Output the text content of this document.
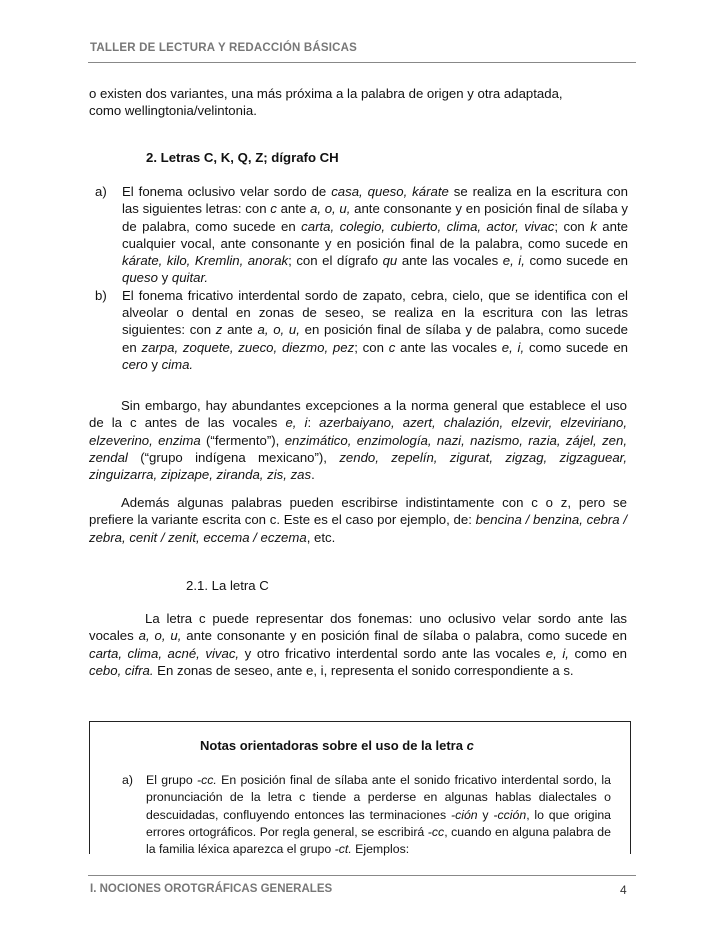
TALLER DE LECTURA Y REDACCIÓN BÁSICAS
o existen dos variantes, una más próxima a la palabra de origen y otra adaptada,
como wellingtonia/velintonia.
2. Letras C, K, Q, Z; dígrafo CH
a) El fonema oclusivo velar sordo de casa, queso, kárate se realiza en la escritura con las siguientes letras: con c ante a, o, u, ante consonante y en posición final de sílaba y de palabra, como sucede en carta, colegio, cubierto, clima, actor, vivac; con k ante cualquier vocal, ante consonante y en posición final de la palabra, como sucede en kárate, kilo, Kremlin, anorak; con el dígrafo qu ante las vocales e, i, como sucede en queso y quitar.
b) El fonema fricativo interdental sordo de zapato, cebra, cielo, que se identifica con el alveolar o dental en zonas de seseo, se realiza en la escritura con las letras siguientes: con z ante a, o, u, en posición final de sílaba y de palabra, como sucede en zarpa, zoquete, zueco, diezmo, pez; con c ante las vocales e, i, como sucede en cero y cima.
Sin embargo, hay abundantes excepciones a la norma general que establece el uso de la c antes de las vocales e, i: azerbaiyano, azert, chalazión, elzevir, elzeviriano, elzeverino, enzima (“fermento”), enzimático, enzimología, nazi, nazismo, razia, zájel, zen, zendal (“grupo indígena mexicano”), zendo, zepelín, zigurat, zigzag, zigzaguear, zinguizarra, zipizape, ziranda, zis, zas.
Además algunas palabras pueden escribirse indistintamente con c o z, pero se prefiere la variante escrita con c. Este es el caso por ejemplo, de: bencina / benzina, cebra / zebra, cenit / zenit, eccema / eczema, etc.
2.1. La letra C
La letra c puede representar dos fonemas: uno oclusivo velar sordo ante las vocales a, o, u, ante consonante y en posición final de sílaba o palabra, como sucede en carta, clima, acné, vivac, y otro fricativo interdental sordo ante las vocales e, i, como en cebo, cifra. En zonas de seseo, ante e, i, representa el sonido correspondiente a s.
Notas orientadoras sobre el uso de la letra c
a) El grupo -cc. En posición final de sílaba ante el sonido fricativo interdental sordo, la pronunciación de la letra c tiende a perderse en algunas hablas dialectales o descuidadas, confluyendo entonces las terminaciones -ción y -cción, lo que origina errores ortográficos. Por regla general, se escribirá -cc, cuando en alguna palabra de la familia léxica aparezca el grupo -ct. Ejemplos:
I. NOCIONES OROTGRÁFICAS GENERALES	4
